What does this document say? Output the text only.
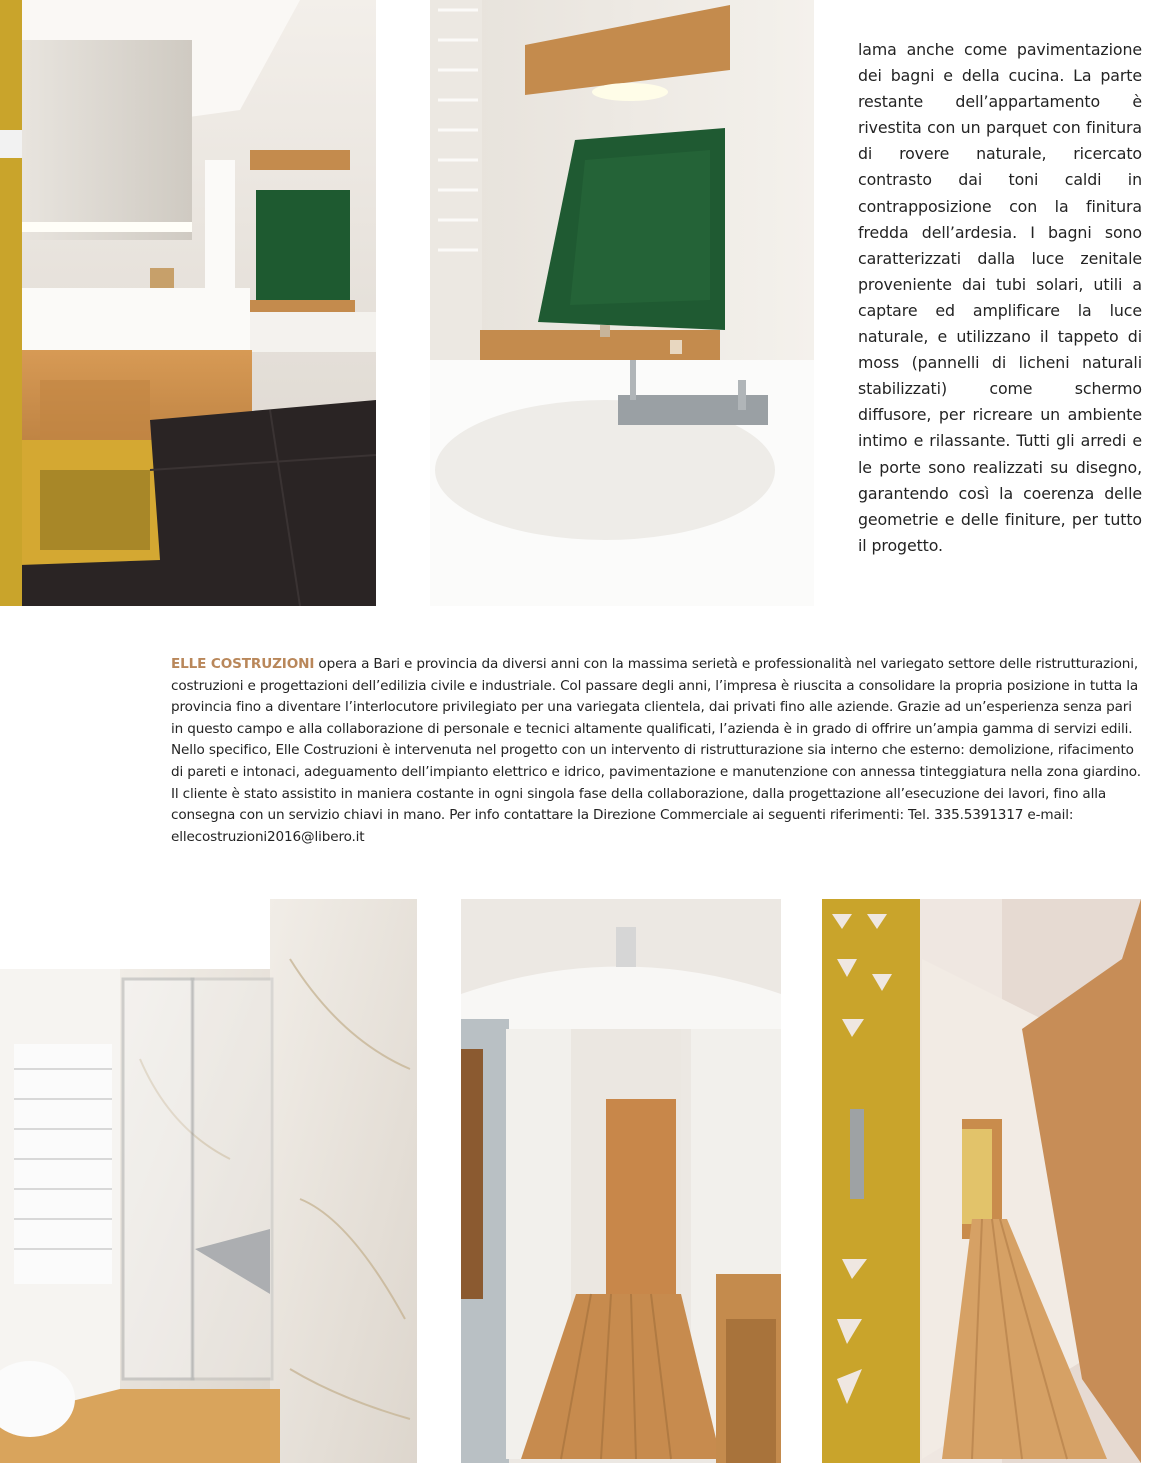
lama anche come pavimentazione dei bagni e della cucina. La parte restante dell’appartamento è rivestita con un parquet con finitura di rovere naturale, ricercato contrasto dai toni caldi in contrapposizione con la finitura fredda dell’ardesia. I bagni sono caratterizzati dalla luce zenitale proveniente dai tubi solari, utili a captare ed amplificare la luce naturale, e utilizzano il tappeto di moss (pannelli di licheni naturali stabilizzati) come schermo diffusore, per ricreare un ambiente intimo e rilassante. Tutti gli arredi e le porte sono realizzati su disegno, garantendo così la coerenza delle geometrie e delle finiture, per tutto il progetto.

ELLE COSTRUZIONI opera a Bari e provincia da diversi anni con la massima serietà e professionalità nel variegato settore delle ristrutturazioni, costruzioni e progettazioni dell’edilizia civile e industriale. Col passare degli anni, l’impresa è riuscita a consolidare la propria posizione in tutta la provincia fino a diventare l’interlocutore privilegiato per una variegata clientela, dai privati fino alle aziende. Grazie ad un’esperienza senza pari in questo campo e alla collaborazione di personale e tecnici altamente qualificati, l’azienda è in grado di offrire un’ampia gamma di servizi edili. Nello specifico, Elle Costruzioni è intervenuta nel progetto con un intervento di ristrutturazione sia interno che esterno: demolizione, rifacimento di pareti e intonaci, adeguamento dell’impianto elettrico e idrico, pavimentazione e manutenzione con annessa tinteggiatura nella zona giardino. Il cliente è stato assistito in maniera costante in ogni singola fase della collaborazione, dalla progettazione all’esecuzione dei lavori, fino alla consegna con un servizio chiavi in mano. Per info contattare la Direzione Commerciale ai seguenti riferimenti: Tel. 335.5391317 e-mail: ellecostruzioni2016@libero.it
